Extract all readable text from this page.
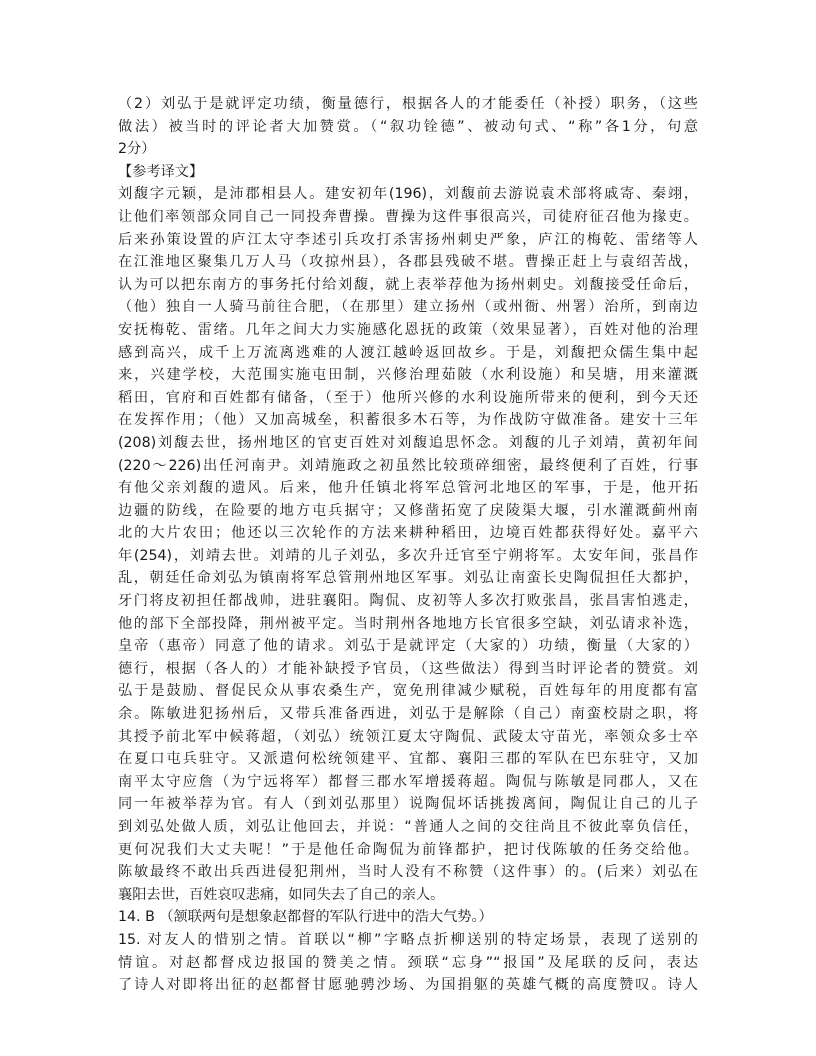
（2）刘弘于是就评定功绩，衡量德行，根据各人的才能委任（补授）职务，（这些
做法）被当时的评论者大加赞赏。（“叙功铨德”、被动句式、“称”各1分，句意
2分）
【参考译文】
刘馥字元颖，是沛郡相县人。建安初年(196)，刘馥前去游说袁术部将戚寄、秦翊，
让他们率领部众同自己一同投奔曹操。曹操为这件事很高兴，司徒府征召他为掾吏。
后来孙策设置的庐江太守李述引兵攻打杀害扬州刺史严象，庐江的梅乾、雷绪等人
在江淮地区聚集几万人马（攻掠州县），各郡县残破不堪。曹操正赶上与袁绍苦战，
认为可以把东南方的事务托付给刘馥，就上表举荐他为扬州刺史。刘馥接受任命后，
（他）独自一人骑马前往合肥，（在那里）建立扬州（或州衙、州署）治所，到南边
安抚梅乾、雷绪。几年之间大力实施感化恩抚的政策（效果显著），百姓对他的治理
感到高兴，成千上万流离逃难的人渡江越岭返回故乡。于是，刘馥把众儒生集中起
来，兴建学校，大范围实施屯田制，兴修治理茹陂（水利设施）和吴塘，用来灌溉
稻田，官府和百姓都有储备，（至于）他所兴修的水利设施所带来的便利，到今天还
在发挥作用；（他）又加高城垒，积蓄很多木石等，为作战防守做准备。建安十三年
(208)刘馥去世，扬州地区的官吏百姓对刘馥追思怀念。刘馥的儿子刘靖，黄初年间
(220～226)出任河南尹。刘靖施政之初虽然比较琐碎细密，最终便利了百姓，行事
有他父亲刘馥的遗风。后来，他升任镇北将军总管河北地区的军事，于是，他开拓
边疆的防线，在险要的地方屯兵据守；又修凿拓宽了戾陵渠大堰，引水灌溉蓟州南
北的大片农田；他还以三次轮作的方法来耕种稻田，边境百姓都获得好处。嘉平六
年(254)，刘靖去世。刘靖的儿子刘弘，多次升迁官至宁朔将军。太安年间，张昌作
乱，朝廷任命刘弘为镇南将军总管荆州地区军事。刘弘让南蛮长史陶侃担任大都护，
牙门将皮初担任都战帅，进驻襄阳。陶侃、皮初等人多次打败张昌，张昌害怕逃走，
他的部下全部投降，荆州被平定。当时荆州各地地方长官很多空缺，刘弘请求补选，
皇帝（惠帝）同意了他的请求。刘弘于是就评定（大家的）功绩，衡量（大家的）
德行，根据（各人的）才能补缺授予官员，（这些做法）得到当时评论者的赞赏。刘
弘于是鼓励、督促民众从事农桑生产，宽免刑律减少赋税，百姓每年的用度都有富
余。陈敏进犯扬州后，又带兵准备西进，刘弘于是解除（自己）南蛮校尉之职，将
其授予前北军中候蒋超，（刘弘）统领江夏太守陶侃、武陵太守苗光，率领众多士卒
在夏口屯兵驻守。又派遣何松统领建平、宜都、襄阳三郡的军队在巴东驻守，又加
南平太守应詹（为宁远将军）都督三郡水军增援蒋超。陶侃与陈敏是同郡人，又在
同一年被举荐为官。有人（到刘弘那里）说陶侃坏话挑拨离间，陶侃让自己的儿子
到刘弘处做人质，刘弘让他回去，并说：“普通人之间的交往尚且不彼此辜负信任，
更何况我们大丈夫呢！”于是他任命陶侃为前锋都护，把讨伐陈敏的任务交给他。
陈敏最终不敢出兵西进侵犯荆州，当时人没有不称赞（这件事）的。(后来）刘弘在
襄阳去世，百姓哀叹悲痛，如同失去了自己的亲人。
14. B （颔联两句是想象赵都督的军队行进中的浩大气势。）
15. 对友人的惜别之情。首联以“柳”字略点折柳送别的特定场景，表现了送别的
情谊。对赵都督戍边报国的赞美之情。颈联“忘身”“报国”及尾联的反问，表达
了诗人对即将出征的赵都督甘愿驰骋沙场、为国捐躯的英雄气概的高度赞叹。诗人
